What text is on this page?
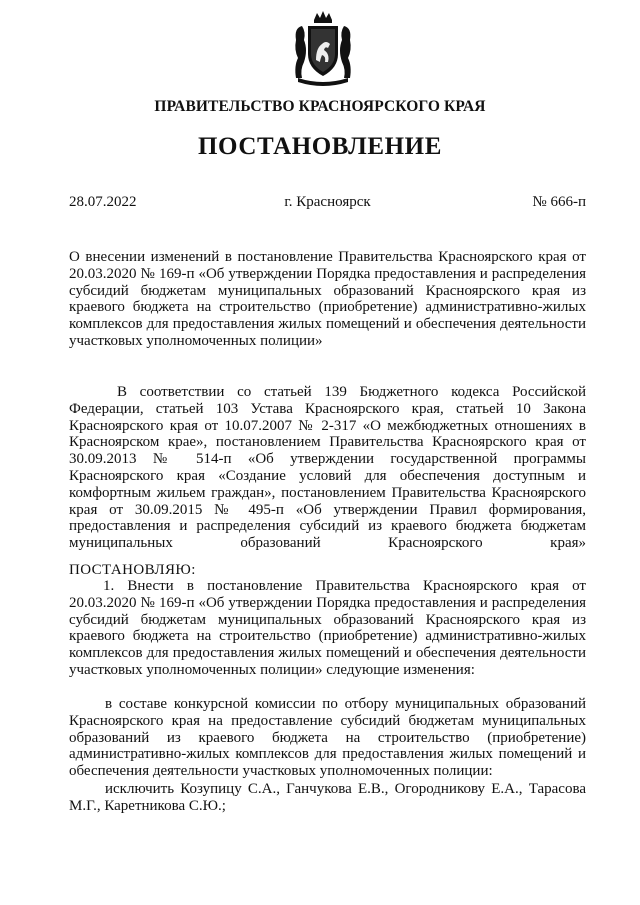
ПРАВИТЕЛЬСТВО КРАСНОЯРСКОГО КРАЯ
ПОСТАНОВЛЕНИЕ
28.07.2022	г. Красноярск	№ 666-п
О внесении изменений в постановление Правительства Красноярского края от 20.03.2020 № 169-п «Об утверждении Порядка предоставления и распределения субсидий бюджетам муниципальных образований Красноярского края из краевого бюджета на строительство (приобретение) административно-жилых комплексов для предоставления жилых помещений и обеспечения деятельности участковых уполномоченных полиции»
В соответствии со статьей 139 Бюджетного кодекса Российской Федерации, статьей 103 Устава Красноярского края, статьей 10 Закона Красноярского края от 10.07.2007 № 2-317 «О межбюджетных отношениях в Красноярском крае», постановлением Правительства Красноярского края от 30.09.2013 № 514-п «Об утверждении государственной программы Красноярского края «Создание условий для обеспечения доступным и комфортным жильем граждан», постановлением Правительства Красноярского края от 30.09.2015 № 495-п «Об утверждении Правил формирования, предоставления и распределения субсидий из краевого бюджета бюджетам муниципальных образований Красноярского края»
ПОСТАНОВЛЯЮ:
1. Внести в постановление Правительства Красноярского края от 20.03.2020 № 169-п «Об утверждении Порядка предоставления и распределения субсидий бюджетам муниципальных образований Красноярского края из краевого бюджета на строительство (приобретение) административно-жилых комплексов для предоставления жилых помещений и обеспечения деятельности участковых уполномоченных полиции» следующие изменения:
в составе конкурсной комиссии по отбору муниципальных образований Красноярского края на предоставление субсидий бюджетам муниципальных образований из краевого бюджета на строительство (приобретение) административно-жилых комплексов для предоставления жилых помещений и обеспечения деятельности участковых уполномоченных полиции:
исключить Козупицу С.А., Ганчукова Е.В., Огородникову Е.А., Тарасова М.Г., Каретникова С.Ю.;
